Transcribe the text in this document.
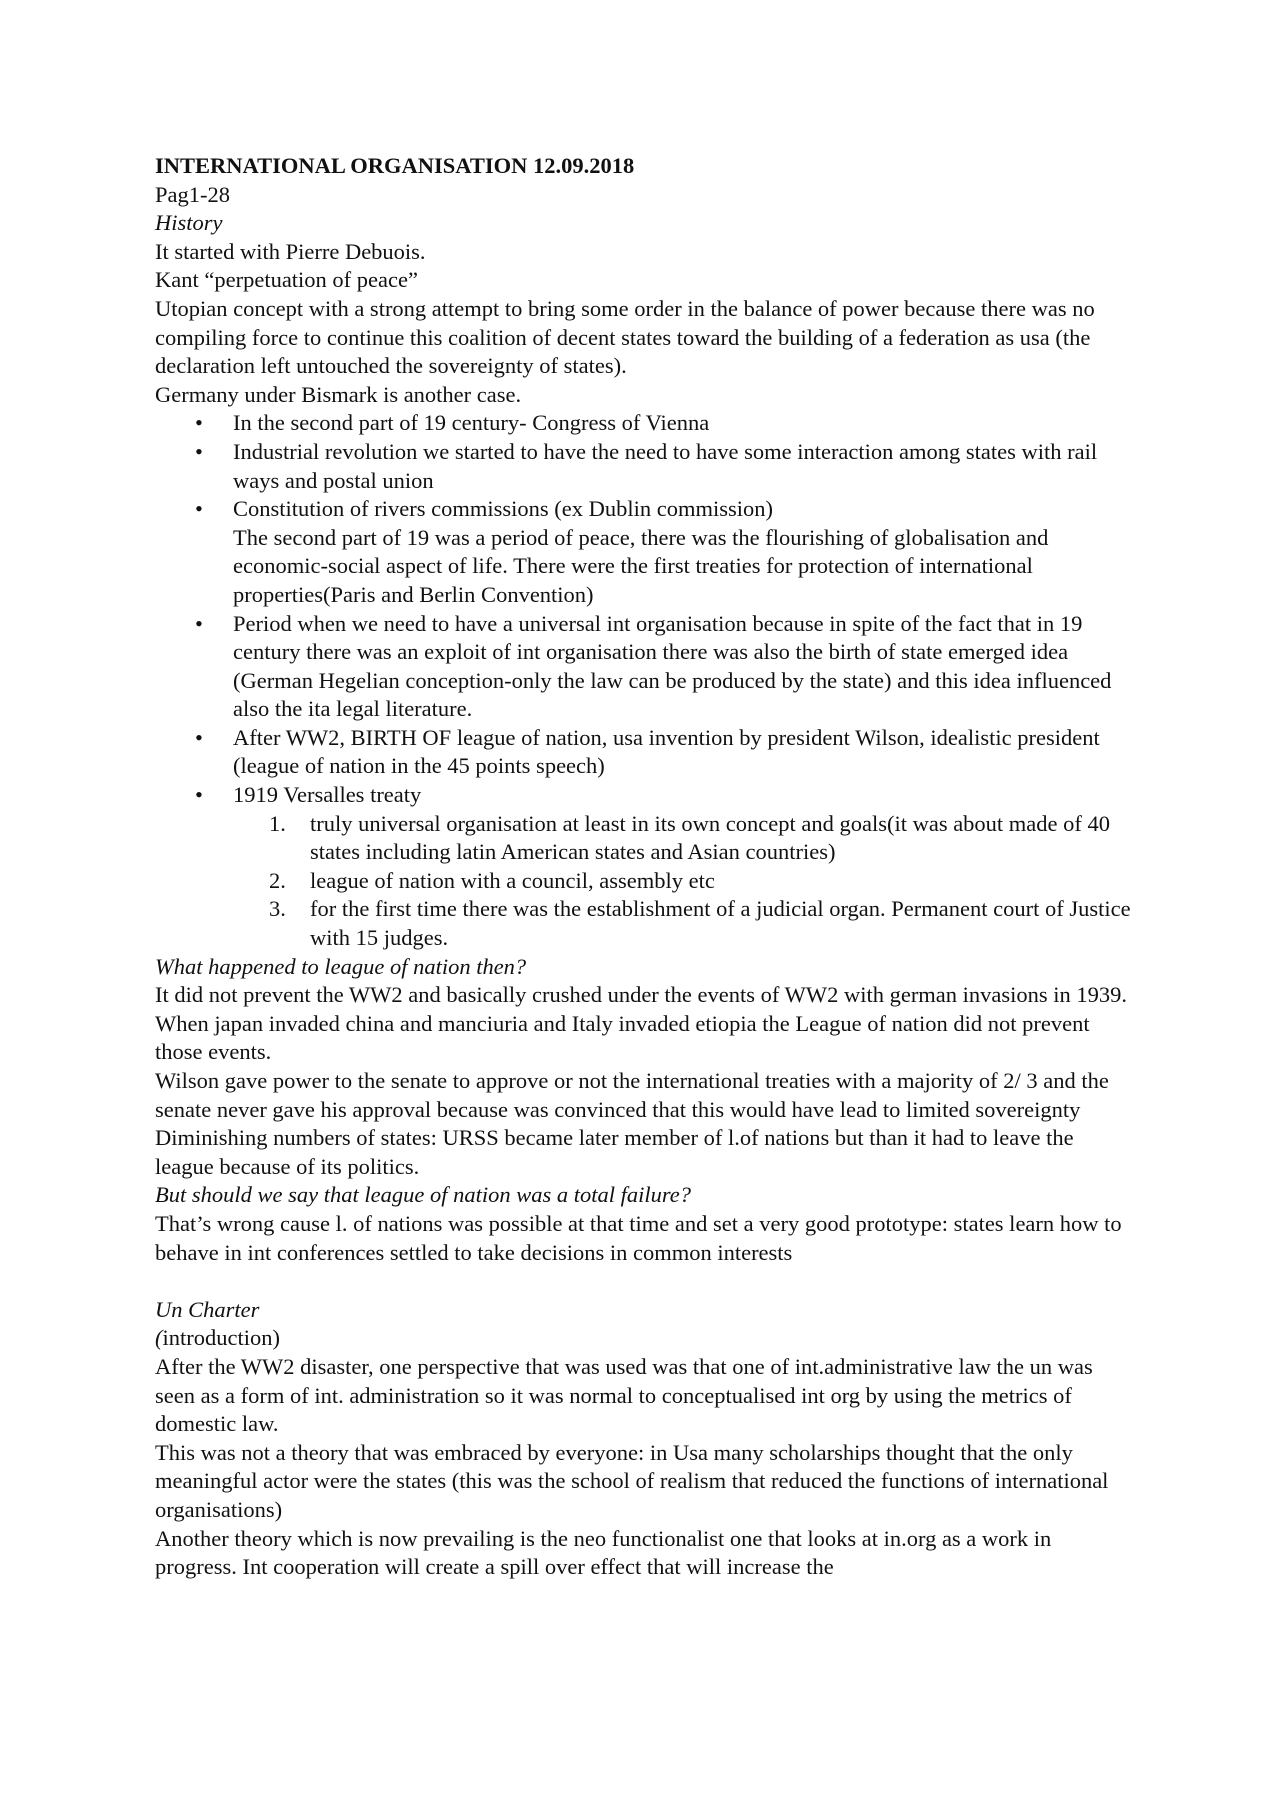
INTERNATIONAL ORGANISATION 12.09.2018

Pag1-28

History

It started with Pierre Debuois.

Kant “perpetuation of peace”

Utopian concept with a strong attempt to bring some order in the balance of power because there was no compiling force to continue this coalition of decent states toward the building of a federation as usa (the declaration left untouched the sovereignty of states).

Germany under Bismark is another case.

• In the second part of 19 century- Congress of Vienna
• Industrial revolution we started to have the need to have some interaction among states with rail ways and postal union
• Constitution of rivers commissions (ex Dublin commission)
The second part of 19 was a period of peace, there was the flourishing of globalisation and economic-social aspect of life. There were the first treaties for protection of international properties(Paris and Berlin Convention)
• Period when we need to have a universal int organisation because in spite of the fact that in 19 century there was an exploit of int organisation there was also the birth of state emerged idea (German Hegelian conception-only the law can be produced by the state) and this idea influenced also the ita legal literature.
• After WW2, BIRTH OF league of nation, usa invention by president Wilson, idealistic president (league of nation in the 45 points speech)
• 1919 Versalles treaty
1. truly universal organisation at least in its own concept and goals(it was about made of 40 states including latin American states and Asian countries)
2. league of nation with a council, assembly etc
3. for the first time there was the establishment of a judicial organ. Permanent court of Justice with 15 judges.

What happened to league of nation then?

It did not prevent the WW2 and basically crushed under the events of WW2 with german invasions in 1939.

When japan invaded china and manciuria and Italy invaded etiopia the League of nation did not prevent those events.

Wilson gave power to the senate to approve or not the international treaties with a majority of 2/ 3 and the senate never gave his approval because was convinced that this would have lead to limited sovereignty

Diminishing numbers of states: URSS became later member of l.of nations but than it had to leave the league because of its politics.

But should we say that league of nation was a total failure?

That’s wrong cause l. of nations was possible at that time and set a very good prototype: states learn how to behave in int conferences settled to take decisions in common interests

Un Charter

(introduction)

After the WW2 disaster, one perspective that was used was that one of int.administrative law the un was seen as a form of int. administration so it was normal to conceptualised int org by using the metrics of domestic law.

This was not a theory that was embraced by everyone: in Usa many scholarships thought that the only meaningful actor were the states (this was the school of realism that reduced the functions of international organisations)

Another theory which is now prevailing is the neo functionalist one that looks at in.org as a work in progress. Int cooperation will create a spill over effect that will increase the
